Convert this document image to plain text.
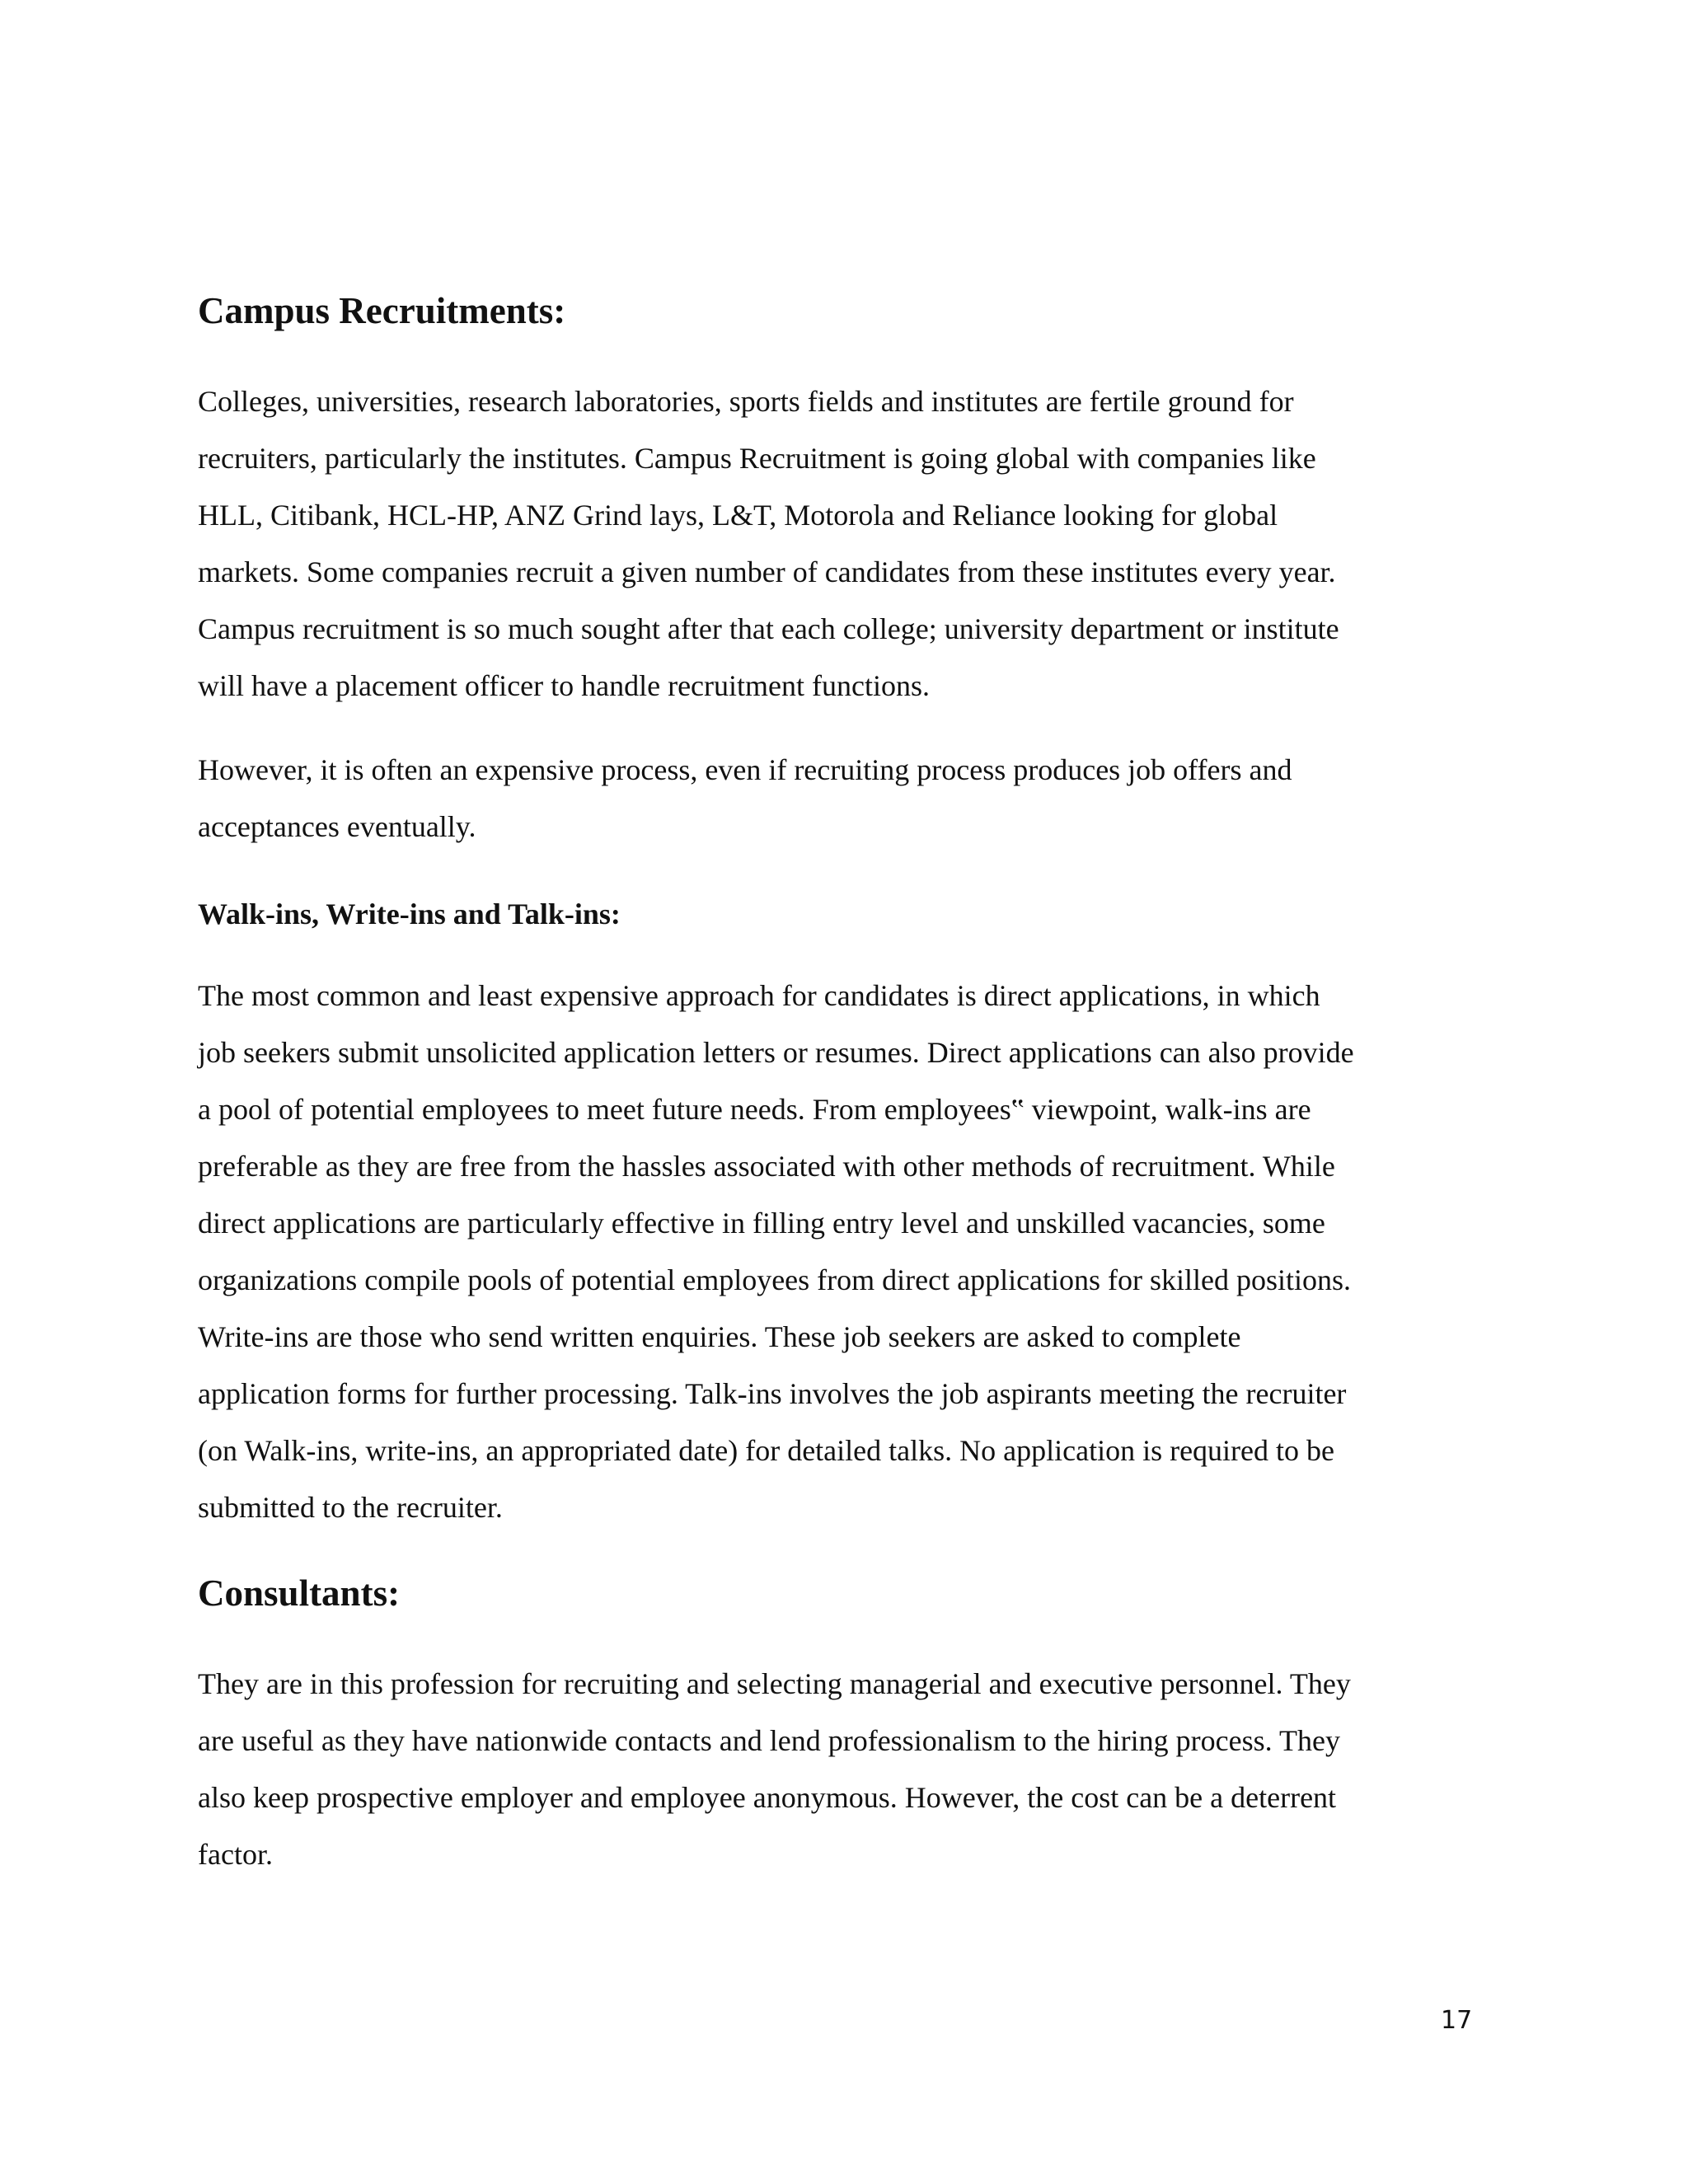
Campus Recruitments:
Colleges, universities, research laboratories, sports fields and institutes are fertile ground for
recruiters, particularly the institutes. Campus Recruitment is going global with companies like
HLL, Citibank, HCL-HP, ANZ Grind lays, L&T, Motorola and Reliance looking for global
markets. Some companies recruit a given number of candidates from these institutes every year.
Campus recruitment is so much sought after that each college; university department or institute
will have a placement officer to handle recruitment functions.
However, it is often an expensive process, even if recruiting process produces job offers and
acceptances eventually.
Walk-ins, Write-ins and Talk-ins:
The most common and least expensive approach for candidates is direct applications, in which
job seekers submit unsolicited application letters or resumes. Direct applications can also provide
a pool of potential employees to meet future needs. From employees‟ viewpoint, walk-ins are
preferable as they are free from the hassles associated with other methods of recruitment. While
direct applications are particularly effective in filling entry level and unskilled vacancies, some
organizations compile pools of potential employees from direct applications for skilled positions.
Write-ins are those who send written enquiries. These job seekers are asked to complete
application forms for further processing. Talk-ins involves the job aspirants meeting the recruiter
(on Walk-ins, write-ins, an appropriated date) for detailed talks. No application is required to be
submitted to the recruiter.
Consultants:
They are in this profession for recruiting and selecting managerial and executive personnel. They
are useful as they have nationwide contacts and lend professionalism to the hiring process. They
also keep prospective employer and employee anonymous. However, the cost can be a deterrent
factor.
17
